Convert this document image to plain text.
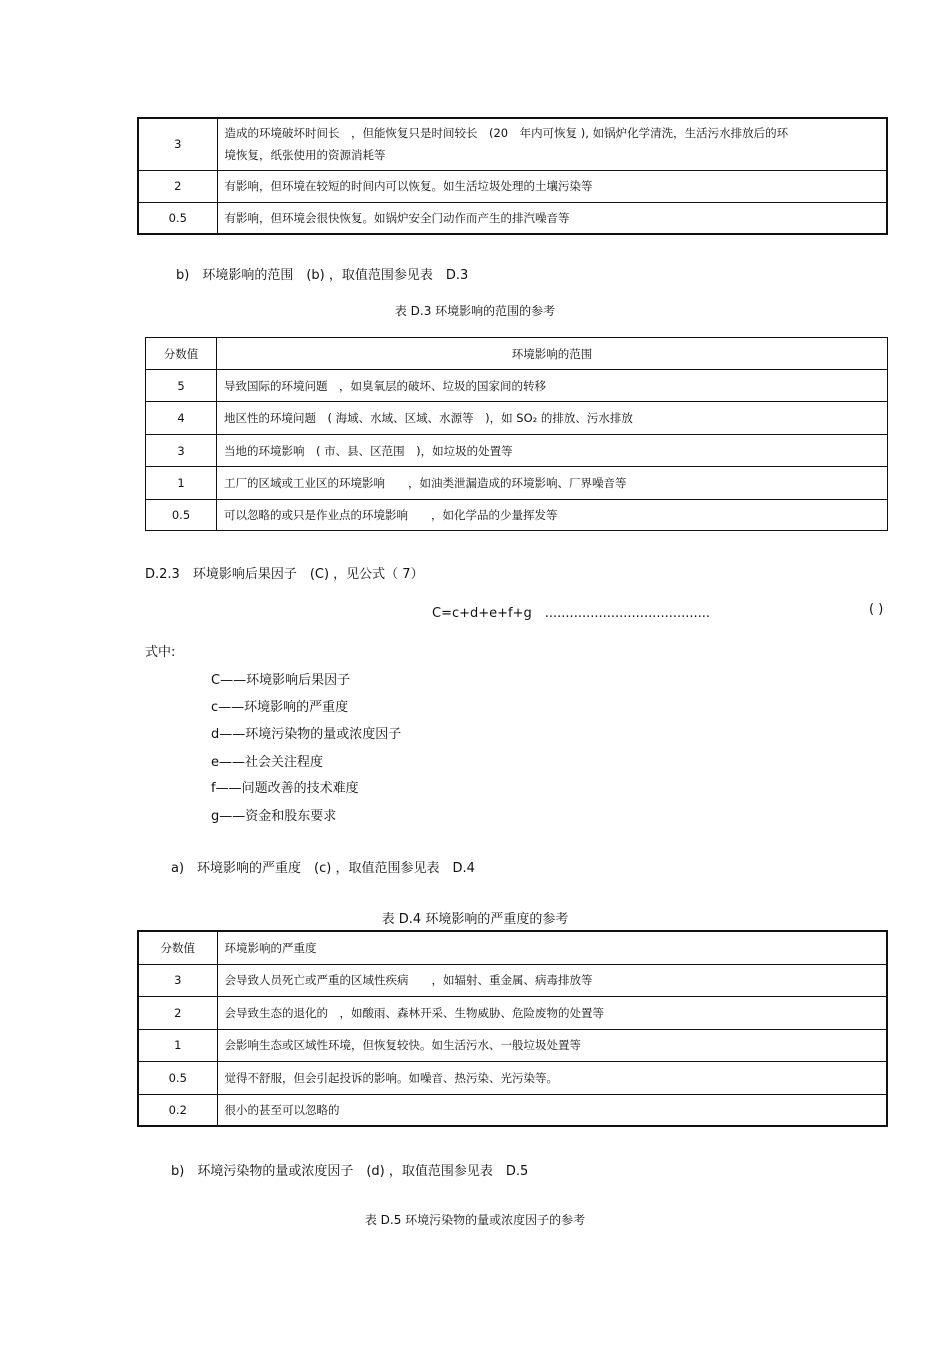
3	造成的环境破坏时间长　，但能恢复只是时间较长　(20　年内可恢复 ), 如锅炉化学清洗，生活污水排放后的环
境恢复，纸张使用的资源消耗等
2	有影响，但环境在较短的时间内可以恢复。如生活垃圾处理的土壤污染等
0.5	有影响，但环境会很快恢复。如锅炉安全门动作而产生的排汽噪音等
b)　环境影响的范围　(b) ，取值范围参见表　D.3
表 D.3 环境影响的范围的参考
分数值	环境影响的范围
5	导致国际的环境问题　，如臭氧层的破坏、垃圾的国家间的转移
4	地区性的环境问题　( 海域、水域、区域、水源等　)，如 SO₂ 的排放、污水排放
3	当地的环境影响　( 市、县、区范围　)，如垃圾的处置等
1	工厂的区域或工业区的环境影响　　，如油类泄漏造成的环境影响、厂界噪音等
0.5	可以忽略的或只是作业点的环境影响　　，如化学品的少量挥发等
D.2.3　环境影响后果因子　(C) ，见公式（ 7）
C=c+d+e+f+g　........................................	( )
式中:
C——环境影响后果因子
c——环境影响的严重度
d——环境污染物的量或浓度因子
e——社会关注程度
f——问题改善的技术难度
g——资金和股东要求
a)　环境影响的严重度　(c) ，取值范围参见表　D.4
表 D.4 环境影响的严重度的参考
分数值	环境影响的严重度
3	会导致人员死亡或严重的区域性疾病　　，如辐射、重金属、病毒排放等
2	会导致生态的退化的　，如酸雨、森林开采、生物威胁、危险废物的处置等
1	会影响生态或区域性环境，但恢复较快。如生活污水、一般垃圾处置等
0.5	觉得不舒服，但会引起投诉的影响。如噪音、热污染、光污染等。
0.2	很小的甚至可以忽略的
b)　环境污染物的量或浓度因子　(d) ，取值范围参见表　D.5
表 D.5 环境污染物的量或浓度因子的参考
